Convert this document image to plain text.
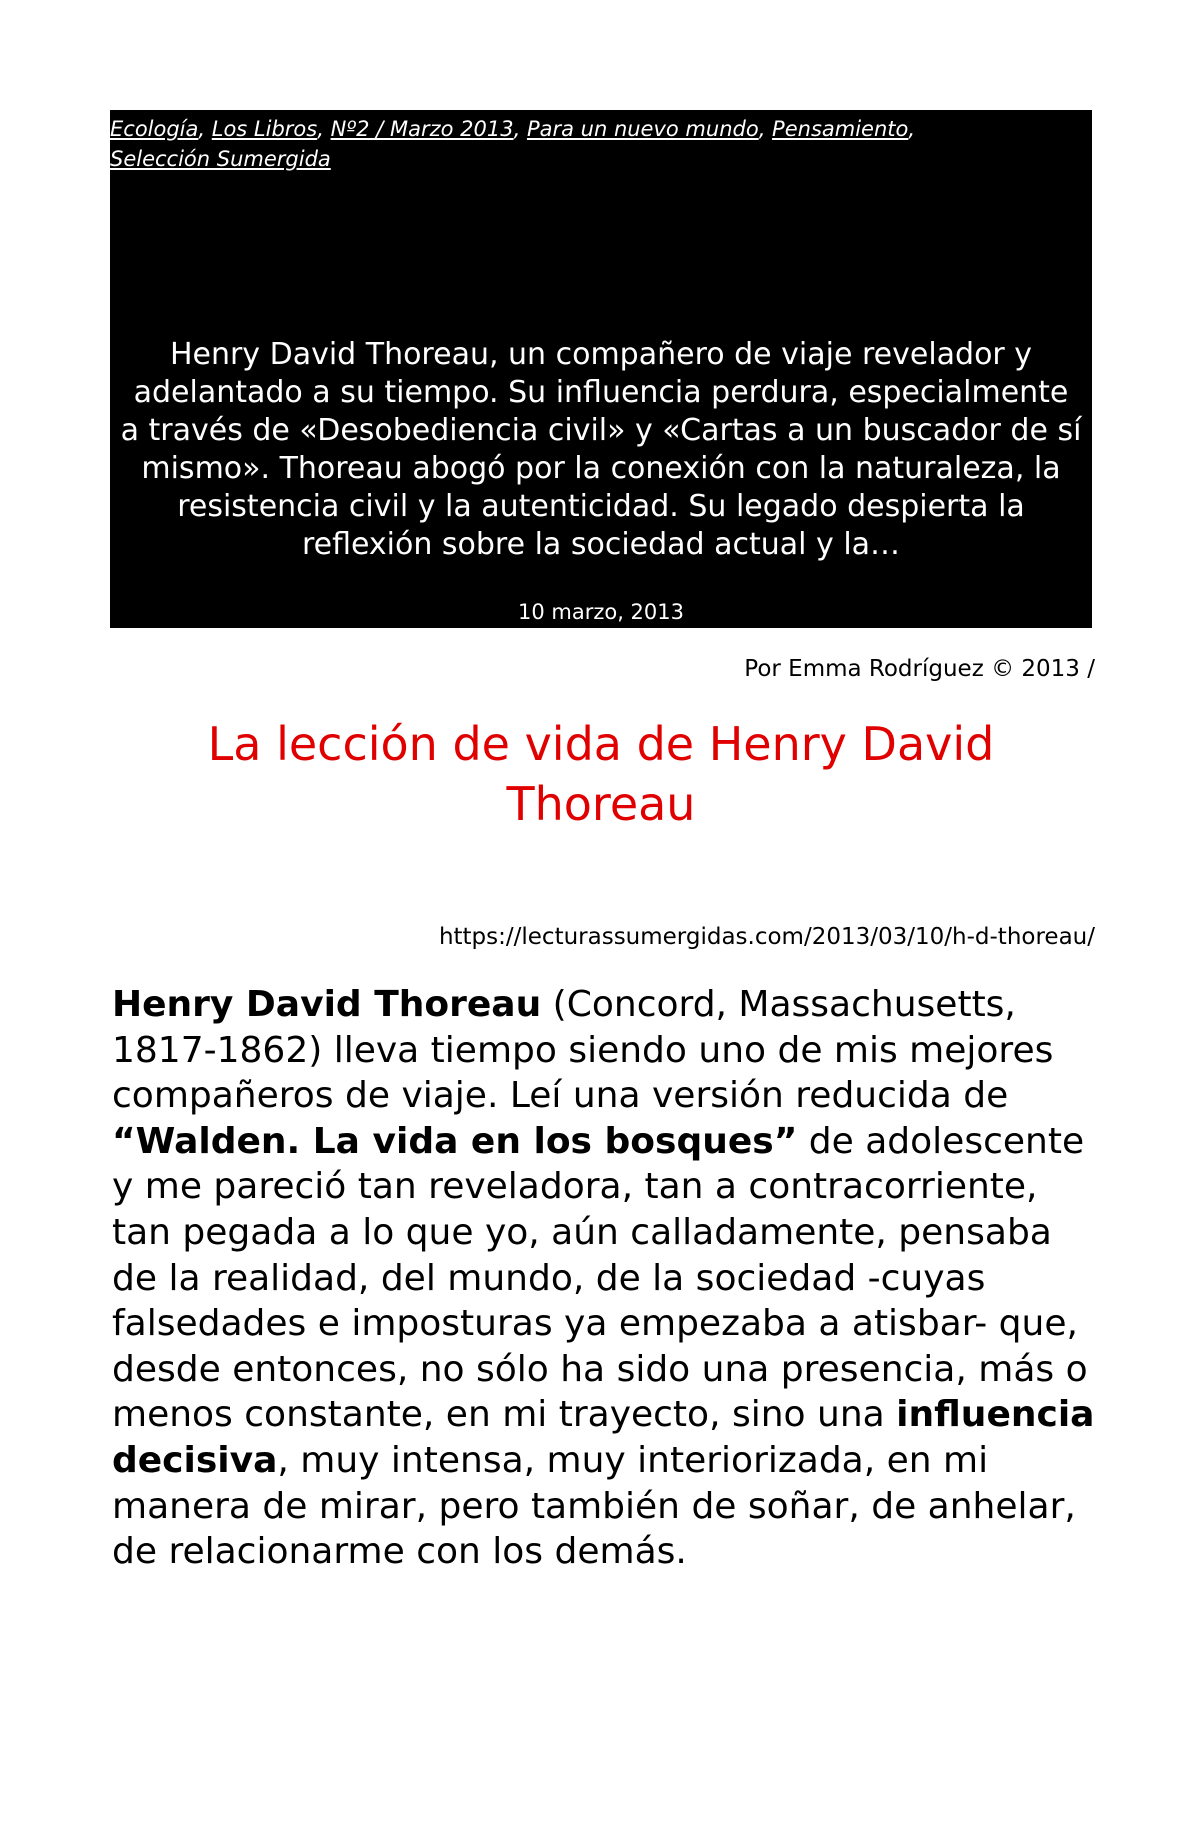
Ecología, Los Libros, Nº2 / Marzo 2013, Para un nuevo mundo, Pensamiento, Selección Sumergida
Henry David Thoreau, un compañero de viaje revelador y adelantado a su tiempo. Su influencia perdura, especialmente a través de «Desobediencia civil» y «Cartas a un buscador de sí mismo». Thoreau abogó por la conexión con la naturaleza, la resistencia civil y la autenticidad. Su legado despierta la reflexión sobre la sociedad actual y la…
10 marzo, 2013
Por Emma Rodríguez © 2013 /
La lección de vida de Henry David Thoreau
https://lecturassumergidas.com/2013/03/10/h-d-thoreau/
Henry David Thoreau (Concord, Massachusetts, 1817-1862) lleva tiempo siendo uno de mis mejores compañeros de viaje. Leí una versión reducida de “Walden. La vida en los bosques” de adolescente y me pareció tan reveladora, tan a contracorriente, tan pegada a lo que yo, aún calladamente, pensaba de la realidad, del mundo, de la sociedad -cuyas falsedades e imposturas ya empezaba a atisbar- que, desde entonces, no sólo ha sido una presencia, más o menos constante, en mi trayecto, sino una influencia decisiva, muy intensa, muy interiorizada, en mi manera de mirar, pero también de soñar, de anhelar, de relacionarme con los demás.
